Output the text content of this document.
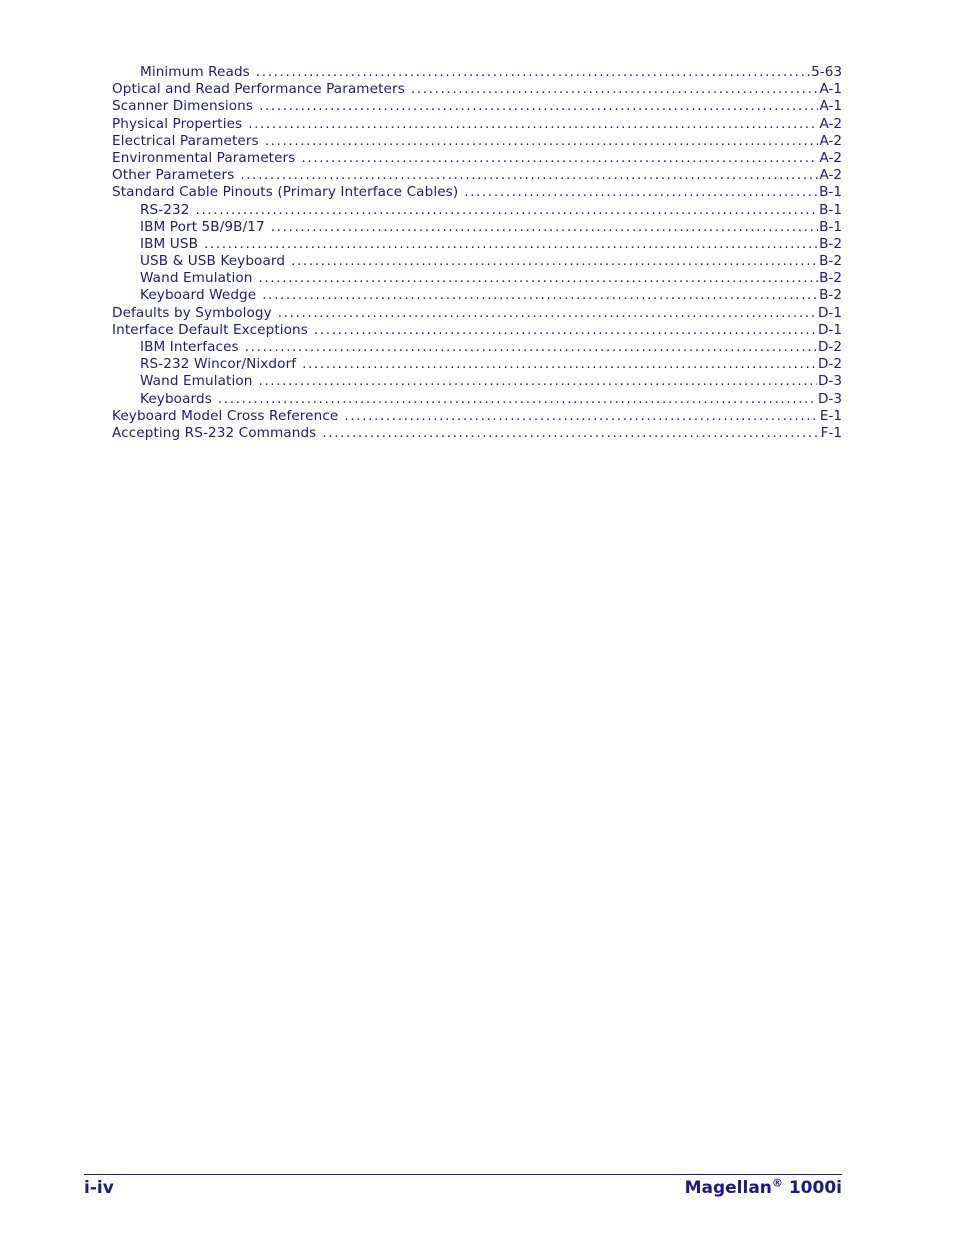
Minimum Reads .....	5-63
Optical and Read Performance Parameters .....	A-1
Scanner Dimensions .....	A-1
Physical Properties .....	A-2
Electrical Parameters .....	A-2
Environmental Parameters .....	A-2
Other Parameters .....	A-2
Standard Cable Pinouts (Primary Interface Cables) .....	B-1
RS-232 .....	B-1
IBM Port 5B/9B/17 .....	B-1
IBM USB .....	B-2
USB & USB Keyboard .....	B-2
Wand Emulation .....	B-2
Keyboard Wedge .....	B-2
Defaults by Symbology .....	D-1
Interface Default Exceptions .....	D-1
IBM Interfaces .....	D-2
RS-232 Wincor/Nixdorf .....	D-2
Wand Emulation .....	D-3
Keyboards .....	D-3
Keyboard Model Cross Reference .....	E-1
Accepting RS-232 Commands .....	F-1
i-iv	Magellan® 1000i
